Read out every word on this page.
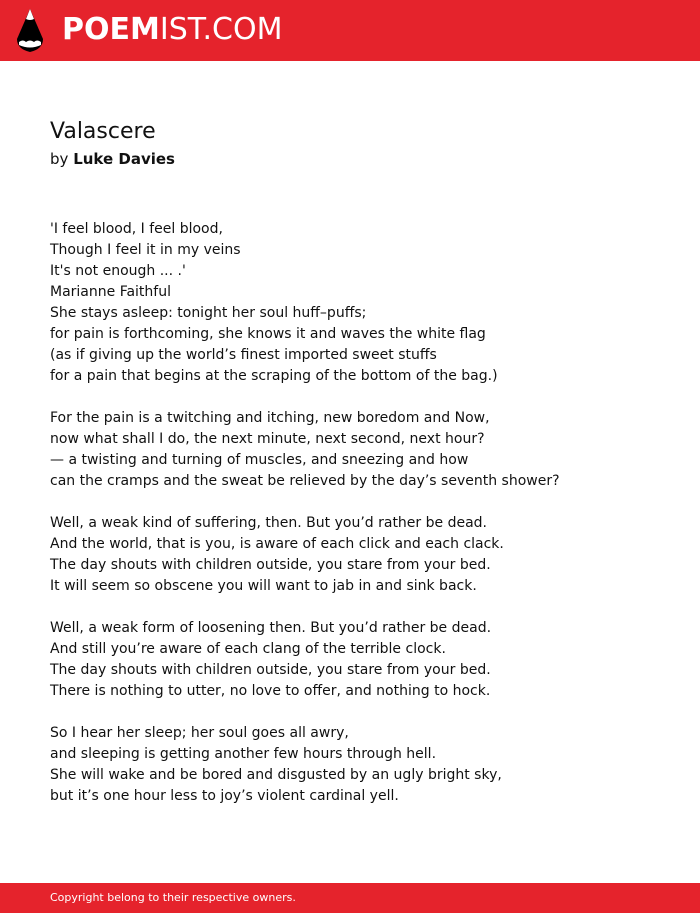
POEMIST.COM
Valascere
by Luke Davies
'I feel blood, I feel blood,
Though I feel it in my veins
It's not enough ... .'
Marianne Faithful
She stays asleep: tonight her soul huff–puffs;
for pain is forthcoming, she knows it and waves the white flag
(as if giving up the world’s finest imported sweet stuffs
for a pain that begins at the scraping of the bottom of the bag.)
For the pain is a twitching and itching, new boredom and Now,
now what shall I do, the next minute, next second, next hour?
— a twisting and turning of muscles, and sneezing and how
can the cramps and the sweat be relieved by the day’s seventh shower?
Well, a weak kind of suffering, then. But you’d rather be dead.
And the world, that is you, is aware of each click and each clack.
The day shouts with children outside, you stare from your bed.
It will seem so obscene you will want to jab in and sink back.
Well, a weak form of loosening then. But you’d rather be dead.
And still you’re aware of each clang of the terrible clock.
The day shouts with children outside, you stare from your bed.
There is nothing to utter, no love to offer, and nothing to hock.
So I hear her sleep; her soul goes all awry,
and sleeping is getting another few hours through hell.
She will wake and be bored and disgusted by an ugly bright sky,
but it’s one hour less to joy’s violent cardinal yell.
Copyright belong to their respective owners.
